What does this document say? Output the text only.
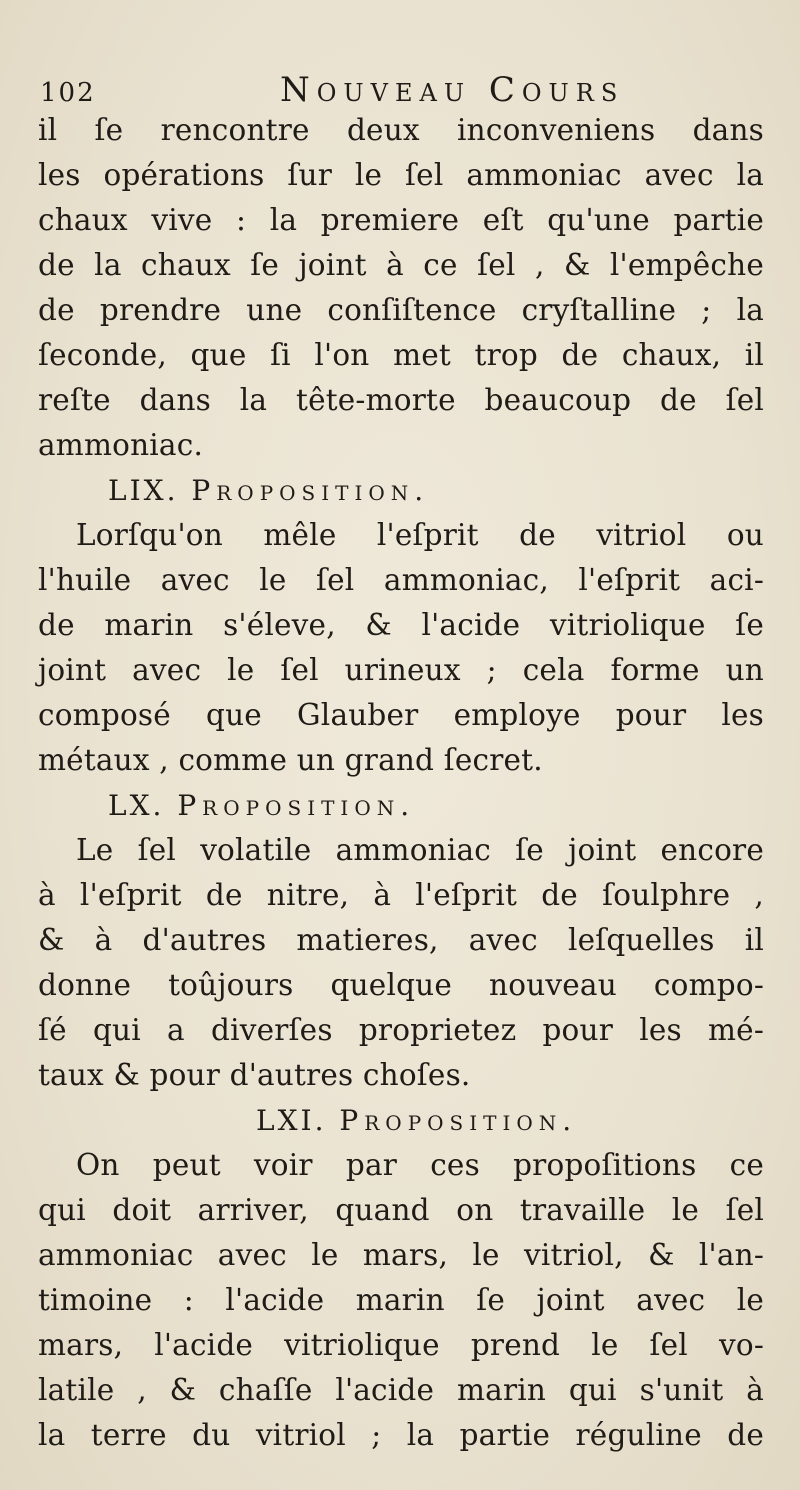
102	Nouveau Cours
il ſe rencontre deux inconveniens dans
les opérations ſur le ſel ammoniac avec la
chaux vive : la premiere eſt qu'une partie
de la chaux ſe joint à ce ſel , & l'empêche
de prendre une conſiſtence cryſtalline ; la
ſeconde, que ſi l'on met trop de chaux, il
reſte dans la tête-morte beaucoup de ſel
ammoniac.
LIX. Proposition.
Lorſqu'on mêle l'eſprit de vitriol ou
l'huile avec le ſel ammoniac, l'eſprit aci-
de marin s'éleve, & l'acide vitriolique ſe
joint avec le ſel urineux ; cela forme un
composé que Glauber employe pour les
métaux , comme un grand ſecret.
LX. Proposition.
Le ſel volatile ammoniac ſe joint encore
à l'eſprit de nitre, à l'eſprit de ſoulphre ,
& à d'autres matieres, avec leſquelles il
donne toûjours quelque nouveau compo-
ſé qui a diverſes proprietez pour les mé-
taux & pour d'autres choſes.
LXI. Proposition.
On peut voir par ces propoſitions ce
qui doit arriver, quand on travaille le ſel
ammoniac avec le mars, le vitriol, & l'an-
timoine : l'acide marin ſe joint avec le
mars, l'acide vitriolique prend le ſel vo-
latile , & chaſſe l'acide marin qui s'unit à
la terre du vitriol ; la partie réguline de
